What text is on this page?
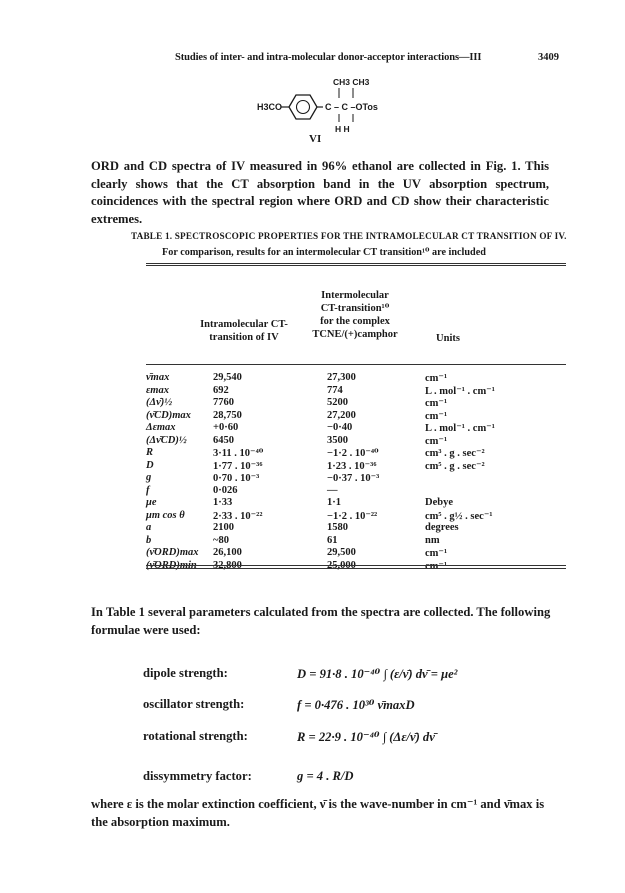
Studies of inter- and intra-molecular donor-acceptor interactions—III	3409
H3CO
CH3 CH3
C – C –OTos
H H
VI
ORD and CD spectra of IV measured in 96% ethanol are collected in Fig. 1. This clearly shows that the CT absorption band in the UV absorption spectrum, coincidences with the spectral region where ORD and CD show their characteristic extremes.
TABLE 1. SPECTROSCOPIC PROPERTIES FOR THE INTRAMOLECULAR CT TRANSITION OF IV.
For comparison, results for an intermolecular CT transition¹⁰ are included
Intramolecular CT-
transition of IV
Intermolecular
CT-transition¹⁰
for the complex
TCNE/(+)camphor	Units
ν̄max	29,540	27,300	cm⁻¹
εmax	692	774	L . mol⁻¹ . cm⁻¹
(Δν̄)½	7760	5200	cm⁻¹
(ν̄CD)max 28,750	27,200	cm⁻¹
Δεmax	+0·60	−0·40	L . mol⁻¹ . cm⁻¹
(Δν̄CD)½	6450	3500	cm⁻¹
R	3·11 . 10⁻⁴⁰	−1·2 . 10⁻⁴⁰	cm³ . g . sec⁻²
D	1·77 . 10⁻³⁶	1·23 . 10⁻³⁶	cm⁵ . g . sec⁻²
g	0·70 . 10⁻³	−0·37 . 10⁻³
f	0·026	—
μe	1·33	1·1	Debye
μm cos θ	2·33 . 10⁻²²	−1·2 . 10⁻²²	cm⁵ . g½ . sec⁻¹
a	2100	1580	degrees
b	~80	61	nm
(ν̄ORD)max 26,100	29,500	cm⁻¹
(ν̄ORD)min 32,800	25,000	cm⁻¹
In Table 1 several parameters calculated from the spectra are collected. The following formulae were used:
dipole strength:	D = 91·8 . 10⁻⁴⁰ ∫ (ε/ν̄) dν̄ = μe²
oscillator strength:	f = 0·476 . 10³⁰ ν̄maxD
rotational strength:	R = 22·9 . 10⁻⁴⁰ ∫ (Δε/ν̄) dν̄
dissymmetry factor:	g = 4 . R/D
where ε is the molar extinction coefficient, ν̄ is the wave-number in cm⁻¹ and ν̄max is the absorption maximum.
